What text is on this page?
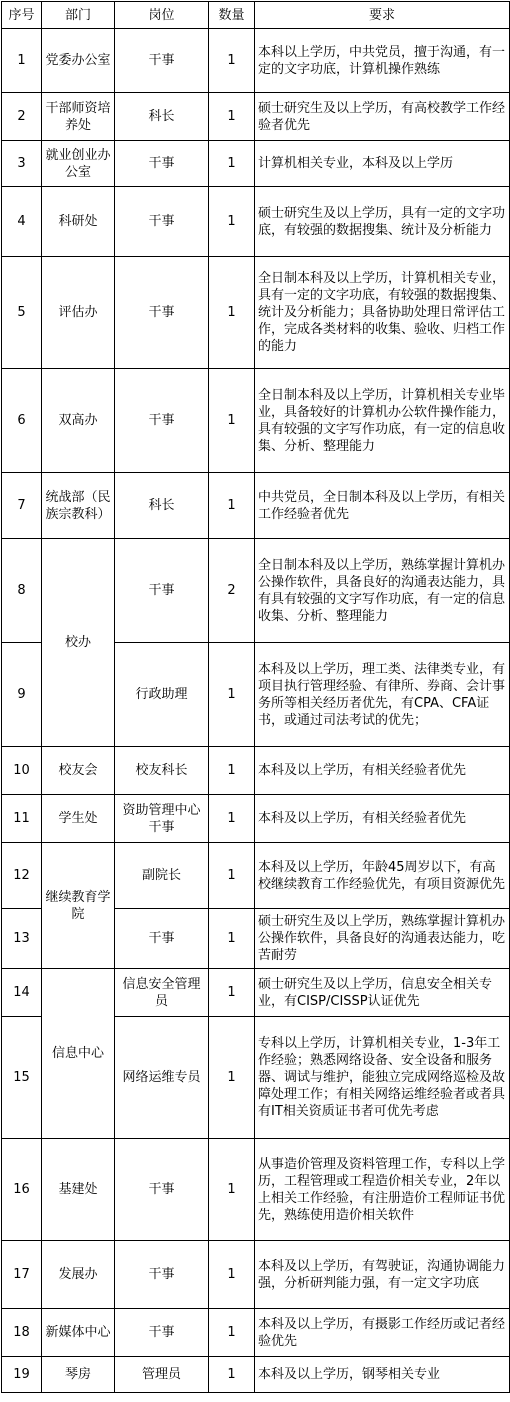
序号	部门	岗位	数量	要求
1	党委办公室	干事	1	本科以上学历，中共党员，擅于沟通，有一定的文字功底，计算机操作熟练
2	干部师资培养处	科长	1	硕士研究生及以上学历，有高校教学工作经验者优先
3	就业创业办公室	干事	1	计算机相关专业，本科及以上学历
4	科研处	干事	1	硕士研究生及以上学历，具有一定的文字功底，有较强的数据搜集、统计及分析能力
5	评估办	干事	1	全日制本科及以上学历，计算机相关专业，具有一定的文字功底，有较强的数据搜集、统计及分析能力；具备协助处理日常评估工作，完成各类材料的收集、验收、归档工作的能力
6	双高办	干事	1	全日制本科及以上学历，计算机相关专业毕业，具备较好的计算机办公软件操作能力，具有较强的文字写作功底，有一定的信息收集、分析、整理能力
7	统战部（民族宗教科）	科长	1	中共党员，全日制本科及以上学历，有相关工作经验者优先
8	校办	干事	2	全日制本科及以上学历，熟练掌握计算机办公操作软件，具备良好的沟通表达能力，具有具有较强的文字写作功底，有一定的信息收集、分析、整理能力
9		行政助理	1	本科及以上学历，理工类、法律类专业，有项目执行管理经验、有律所、券商、会计事务所等相关经历者优先，有CPA、CFA证书，或通过司法考试的优先；
10	校友会	校友科长	1	本科及以上学历，有相关经验者优先
11	学生处	资助管理中心干事	1	本科及以上学历，有相关经验者优先
12	继续教育学院	副院长	1	本科及以上学历，年龄45周岁以下，有高校继续教育工作经验优先，有项目资源优先
13		干事	1	硕士研究生及以上学历，熟练掌握计算机办公操作软件，具备良好的沟通表达能力，吃苦耐劳
14	信息中心	信息安全管理员	1	硕士研究生及以上学历，信息安全相关专业，有CISP/CISSP认证优先
15		网络运维专员	1	专科以上学历，计算机相关专业，1-3年工作经验；熟悉网络设备、安全设备和服务器、调试与维护，能独立完成网络巡检及故障处理工作；有相关网络运维经验者或者具有IT相关资质证书者可优先考虑
16	基建处	干事	1	从事造价管理及资料管理工作，专科以上学历，工程管理或工程造价相关专业，2年以上相关工作经验，有注册造价工程师证书优先，熟练使用造价相关软件
17	发展办	干事	1	本科及以上学历，有驾驶证，沟通协调能力强，分析研判能力强，有一定文字功底
18	新媒体中心	干事	1	本科及以上学历，有摄影工作经历或记者经验优先
19	琴房	管理员	1	本科及以上学历，钢琴相关专业
